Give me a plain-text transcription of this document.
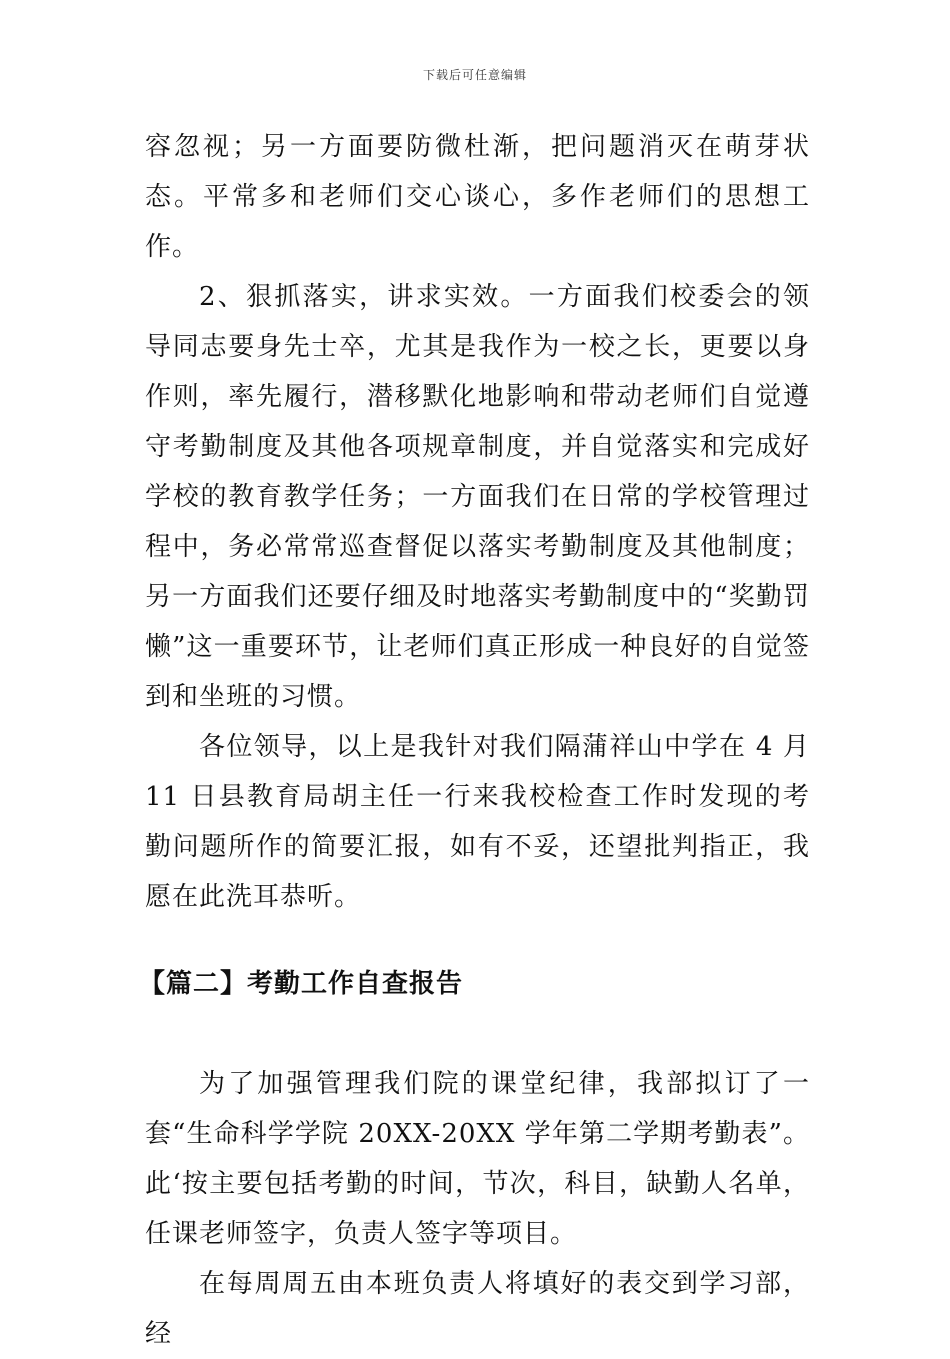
下载后可任意编辑

容忽视；另一方面要防微杜渐，把问题消灭在萌芽状态。平常多和老师们交心谈心，多作老师们的思想工作。

2、狠抓落实，讲求实效。一方面我们校委会的领导同志要身先士卒，尤其是我作为一校之长，更要以身作则，率先履行，潜移默化地影响和带动老师们自觉遵守考勤制度及其他各项规章制度，并自觉落实和完成好学校的教育教学任务；一方面我们在日常的学校管理过程中，务必常常巡查督促以落实考勤制度及其他制度；另一方面我们还要仔细及时地落实考勤制度中的“奖勤罚懒”这一重要环节，让老师们真正形成一种良好的自觉签到和坐班的习惯。

各位领导，以上是我针对我们隔蒲祥山中学在 4 月 11 日县教育局胡主任一行来我校检查工作时发现的考勤问题所作的简要汇报，如有不妥，还望批判指正，我愿在此洗耳恭听。

【篇二】考勤工作自查报告

为了加强管理我们院的课堂纪律，我部拟订了一套“生命科学学院 20XX-20XX 学年第二学期考勤表”。此‘按主要包括考勤的时间，节次，科目，缺勤人名单，任课老师签字，负责人签字等项目。

在每周周五由本班负责人将填好的表交到学习部，经
